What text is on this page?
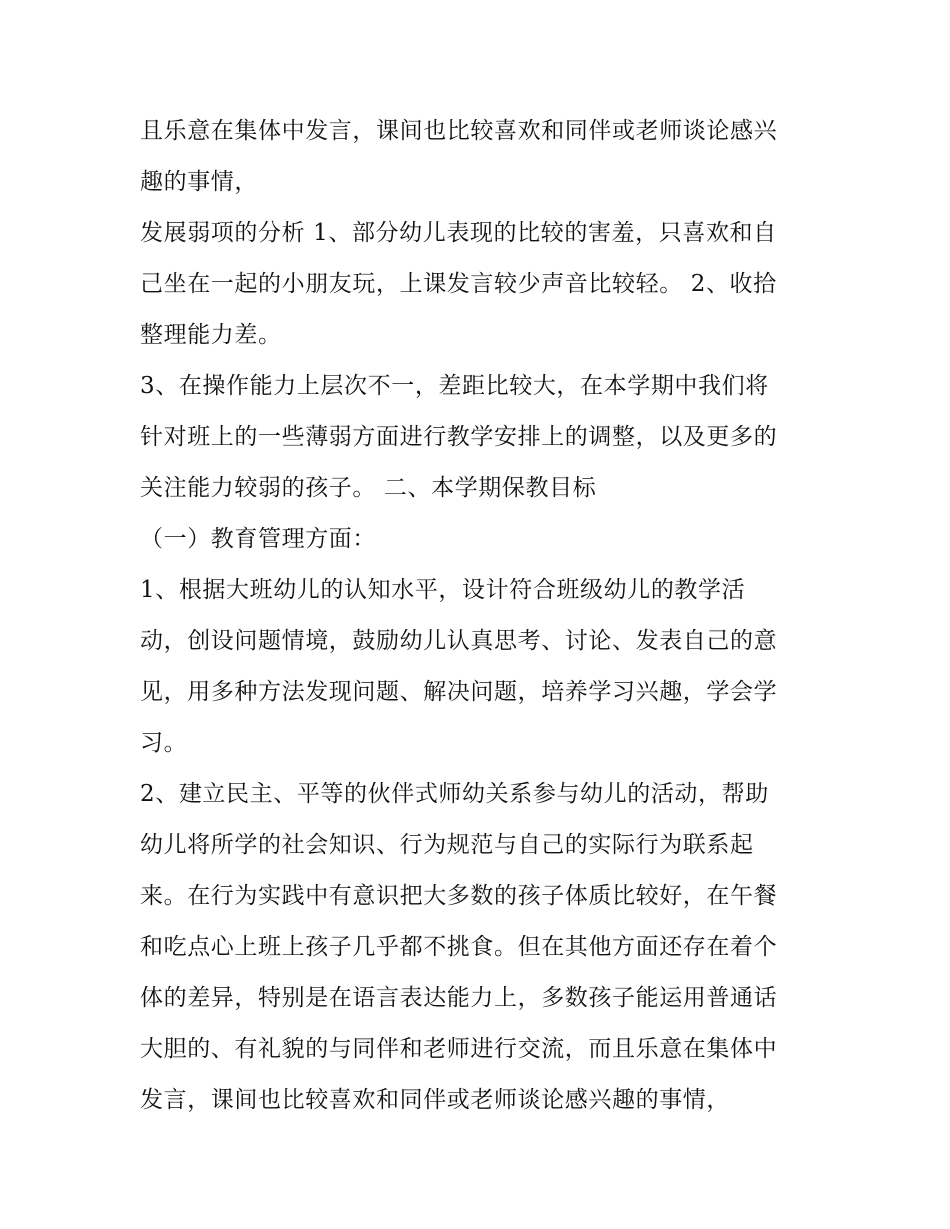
且乐意在集体中发言，课间也比较喜欢和同伴或老师谈论感兴
趣的事情，
发展弱项的分析 1、部分幼儿表现的比较的害羞，只喜欢和自
己坐在一起的小朋友玩，上课发言较少声音比较轻。 2、收拾
整理能力差。
3、在操作能力上层次不一，差距比较大，在本学期中我们将
针对班上的一些薄弱方面进行教学安排上的调整，以及更多的
关注能力较弱的孩子。 二、本学期保教目标
（一）教育管理方面：
1、根据大班幼儿的认知水平，设计符合班级幼儿的教学活
动，创设问题情境，鼓励幼儿认真思考、讨论、发表自己的意
见，用多种方法发现问题、解决问题，培养学习兴趣，学会学
习。
2、建立民主、平等的伙伴式师幼关系参与幼儿的活动，帮助
幼儿将所学的社会知识、行为规范与自己的实际行为联系起
来。在行为实践中有意识把大多数的孩子体质比较好，在午餐
和吃点心上班上孩子几乎都不挑食。但在其他方面还存在着个
体的差异，特别是在语言表达能力上，多数孩子能运用普通话
大胆的、有礼貌的与同伴和老师进行交流，而且乐意在集体中
发言，课间也比较喜欢和同伴或老师谈论感兴趣的事情，
